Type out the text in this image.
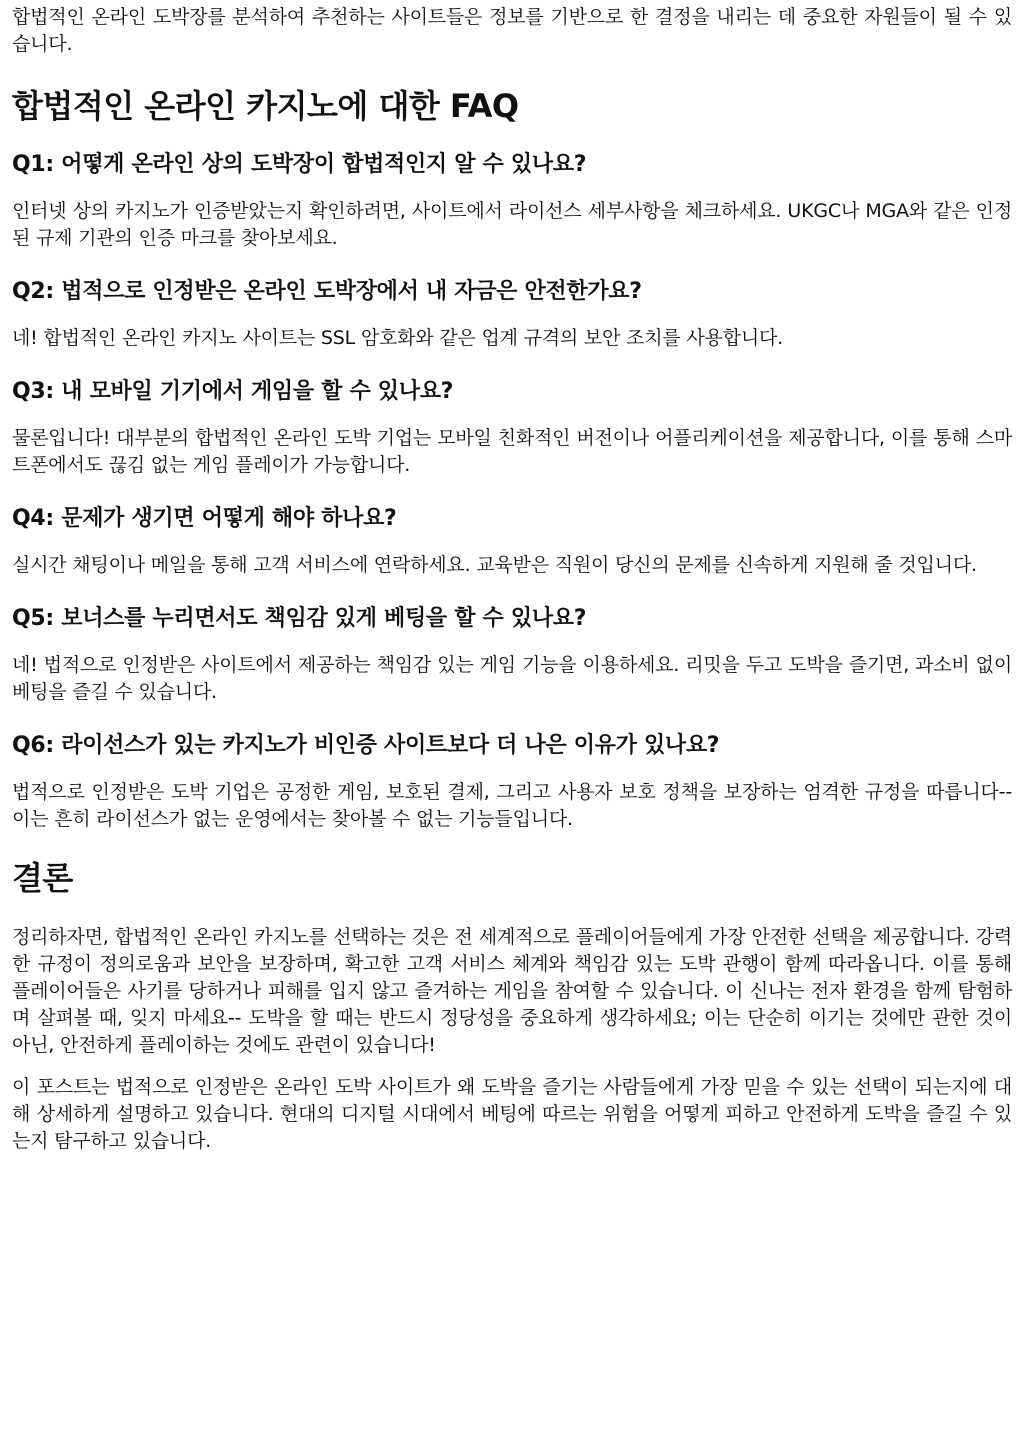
합법적인 온라인 도박장를 분석하여 추천하는 사이트들은 정보를 기반으로 한 결정을 내리는 데 중요한 자원들이 될 수 있습니다.

합법적인 온라인 카지노에 대한 FAQ
Q1: 어떻게 온라인 상의 도박장이 합법적인지 알 수 있나요?

인터넷 상의 카지노가 인증받았는지 확인하려면, 사이트에서 라이선스 세부사항을 체크하세요. UKGC나 MGA와 같은 인정된 규제 기관의 인증 마크를 찾아보세요.

Q2: 법적으로 인정받은 온라인 도박장에서 내 자금은 안전한가요?

네! 합법적인 온라인 카지노 사이트는 SSL 암호화와 같은 업계 규격의 보안 조치를 사용합니다.

Q3: 내 모바일 기기에서 게임을 할 수 있나요?

물론입니다! 대부분의 합법적인 온라인 도박 기업는 모바일 친화적인 버전이나 어플리케이션을 제공합니다, 이를 통해 스마트폰에서도 끊김 없는 게임 플레이가 가능합니다.

Q4: 문제가 생기면 어떻게 해야 하나요?

실시간 채팅이나 메일을 통해 고객 서비스에 연락하세요. 교육받은 직원이 당신의 문제를 신속하게 지원해 줄 것입니다.

Q5: 보너스를 누리면서도 책임감 있게 베팅을 할 수 있나요?

네! 법적으로 인정받은 사이트에서 제공하는 책임감 있는 게임 기능을 이용하세요. 리밋을 두고 도박을 즐기면, 과소비 없이 베팅을 즐길 수 있습니다.

Q6: 라이선스가 있는 카지노가 비인증 사이트보다 더 나은 이유가 있나요?

법적으로 인정받은 도박 기업은 공정한 게임, 보호된 결제, 그리고 사용자 보호 정책을 보장하는 엄격한 규정을 따릅니다-- 이는 흔히 라이선스가 없는 운영에서는 찾아볼 수 없는 기능들입니다.

결론

정리하자면, 합법적인 온라인 카지노를 선택하는 것은 전 세계적으로 플레이어들에게 가장 안전한 선택을 제공합니다. 강력한 규정이 정의로움과 보안을 보장하며, 확고한 고객 서비스 체계와 책임감 있는 도박 관행이 함께 따라옵니다. 이를 통해 플레이어들은 사기를 당하거나 피해를 입지 않고 즐겨하는 게임을 참여할 수 있습니다. 이 신나는 전자 환경을 함께 탐험하며 살펴볼 때, 잊지 마세요-- 도박을 할 때는 반드시 정당성을 중요하게 생각하세요; 이는 단순히 이기는 것에만 관한 것이 아닌, 안전하게 플레이하는 것에도 관련이 있습니다!

이 포스트는 법적으로 인정받은 온라인 도박 사이트가 왜 도박을 즐기는 사람들에게 가장 믿을 수 있는 선택이 되는지에 대해 상세하게 설명하고 있습니다. 현대의 디지털 시대에서 베팅에 따르는 위험을 어떻게 피하고 안전하게 도박을 즐길 수 있는지 탐구하고 있습니다.
